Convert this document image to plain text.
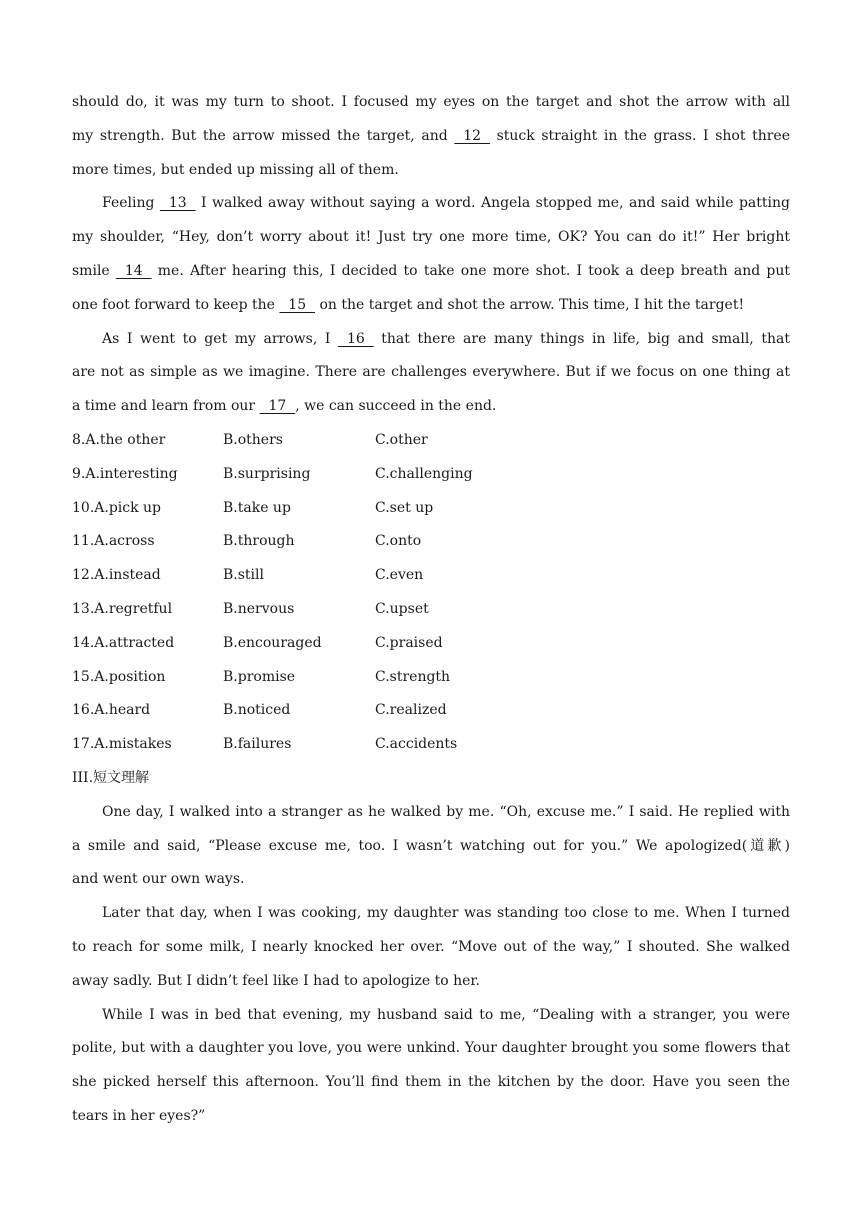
should do, it was my turn to shoot. I focused my eyes on the target and shot the arrow with all
my strength. But the arrow missed the target, and   12   stuck straight in the grass. I shot three
more times, but ended up missing all of them.
Feeling   13   I walked away without saying a word. Angela stopped me, and said while patting
my shoulder, “Hey, don’t worry about it! Just try one more time, OK? You can do it!” Her bright
smile   14   me. After hearing this, I decided to take one more shot. I took a deep breath and put
one foot forward to keep the   15   on the target and shot the arrow. This time, I hit the target!
As I went to get my arrows, I   16   that there are many things in life, big and small, that
are not as simple as we imagine. There are challenges everywhere. But if we focus on one thing at
a time and learn from our   17  , we can succeed in the end.
8.A.the other	B.others	C.other
9.A.interesting	B.surprising	C.challenging
10.A.pick up	B.take up	C.set up
11.A.across	B.through	C.onto
12.A.instead	B.still	C.even
13.A.regretful	B.nervous	C.upset
14.A.attracted	B.encouraged	C.praised
15.A.position	B.promise	C.strength
16.A.heard	B.noticed	C.realized
17.A.mistakes	B.failures	C.accidents
III.短文理解
One day, I walked into a stranger as he walked by me. “Oh, excuse me.” I said. He replied with
a smile and said, “Please excuse me, too. I wasn’t watching out for you.” We apologized(道歉)
and went our own ways.
Later that day, when I was cooking, my daughter was standing too close to me. When I turned
to reach for some milk, I nearly knocked her over. “Move out of the way,” I shouted. She walked
away sadly. But I didn’t feel like I had to apologize to her.
While I was in bed that evening, my husband said to me, “Dealing with a stranger, you were
polite, but with a daughter you love, you were unkind. Your daughter brought you some flowers that
she picked herself this afternoon. You’ll find them in the kitchen by the door. Have you seen the
tears in her eyes?”
